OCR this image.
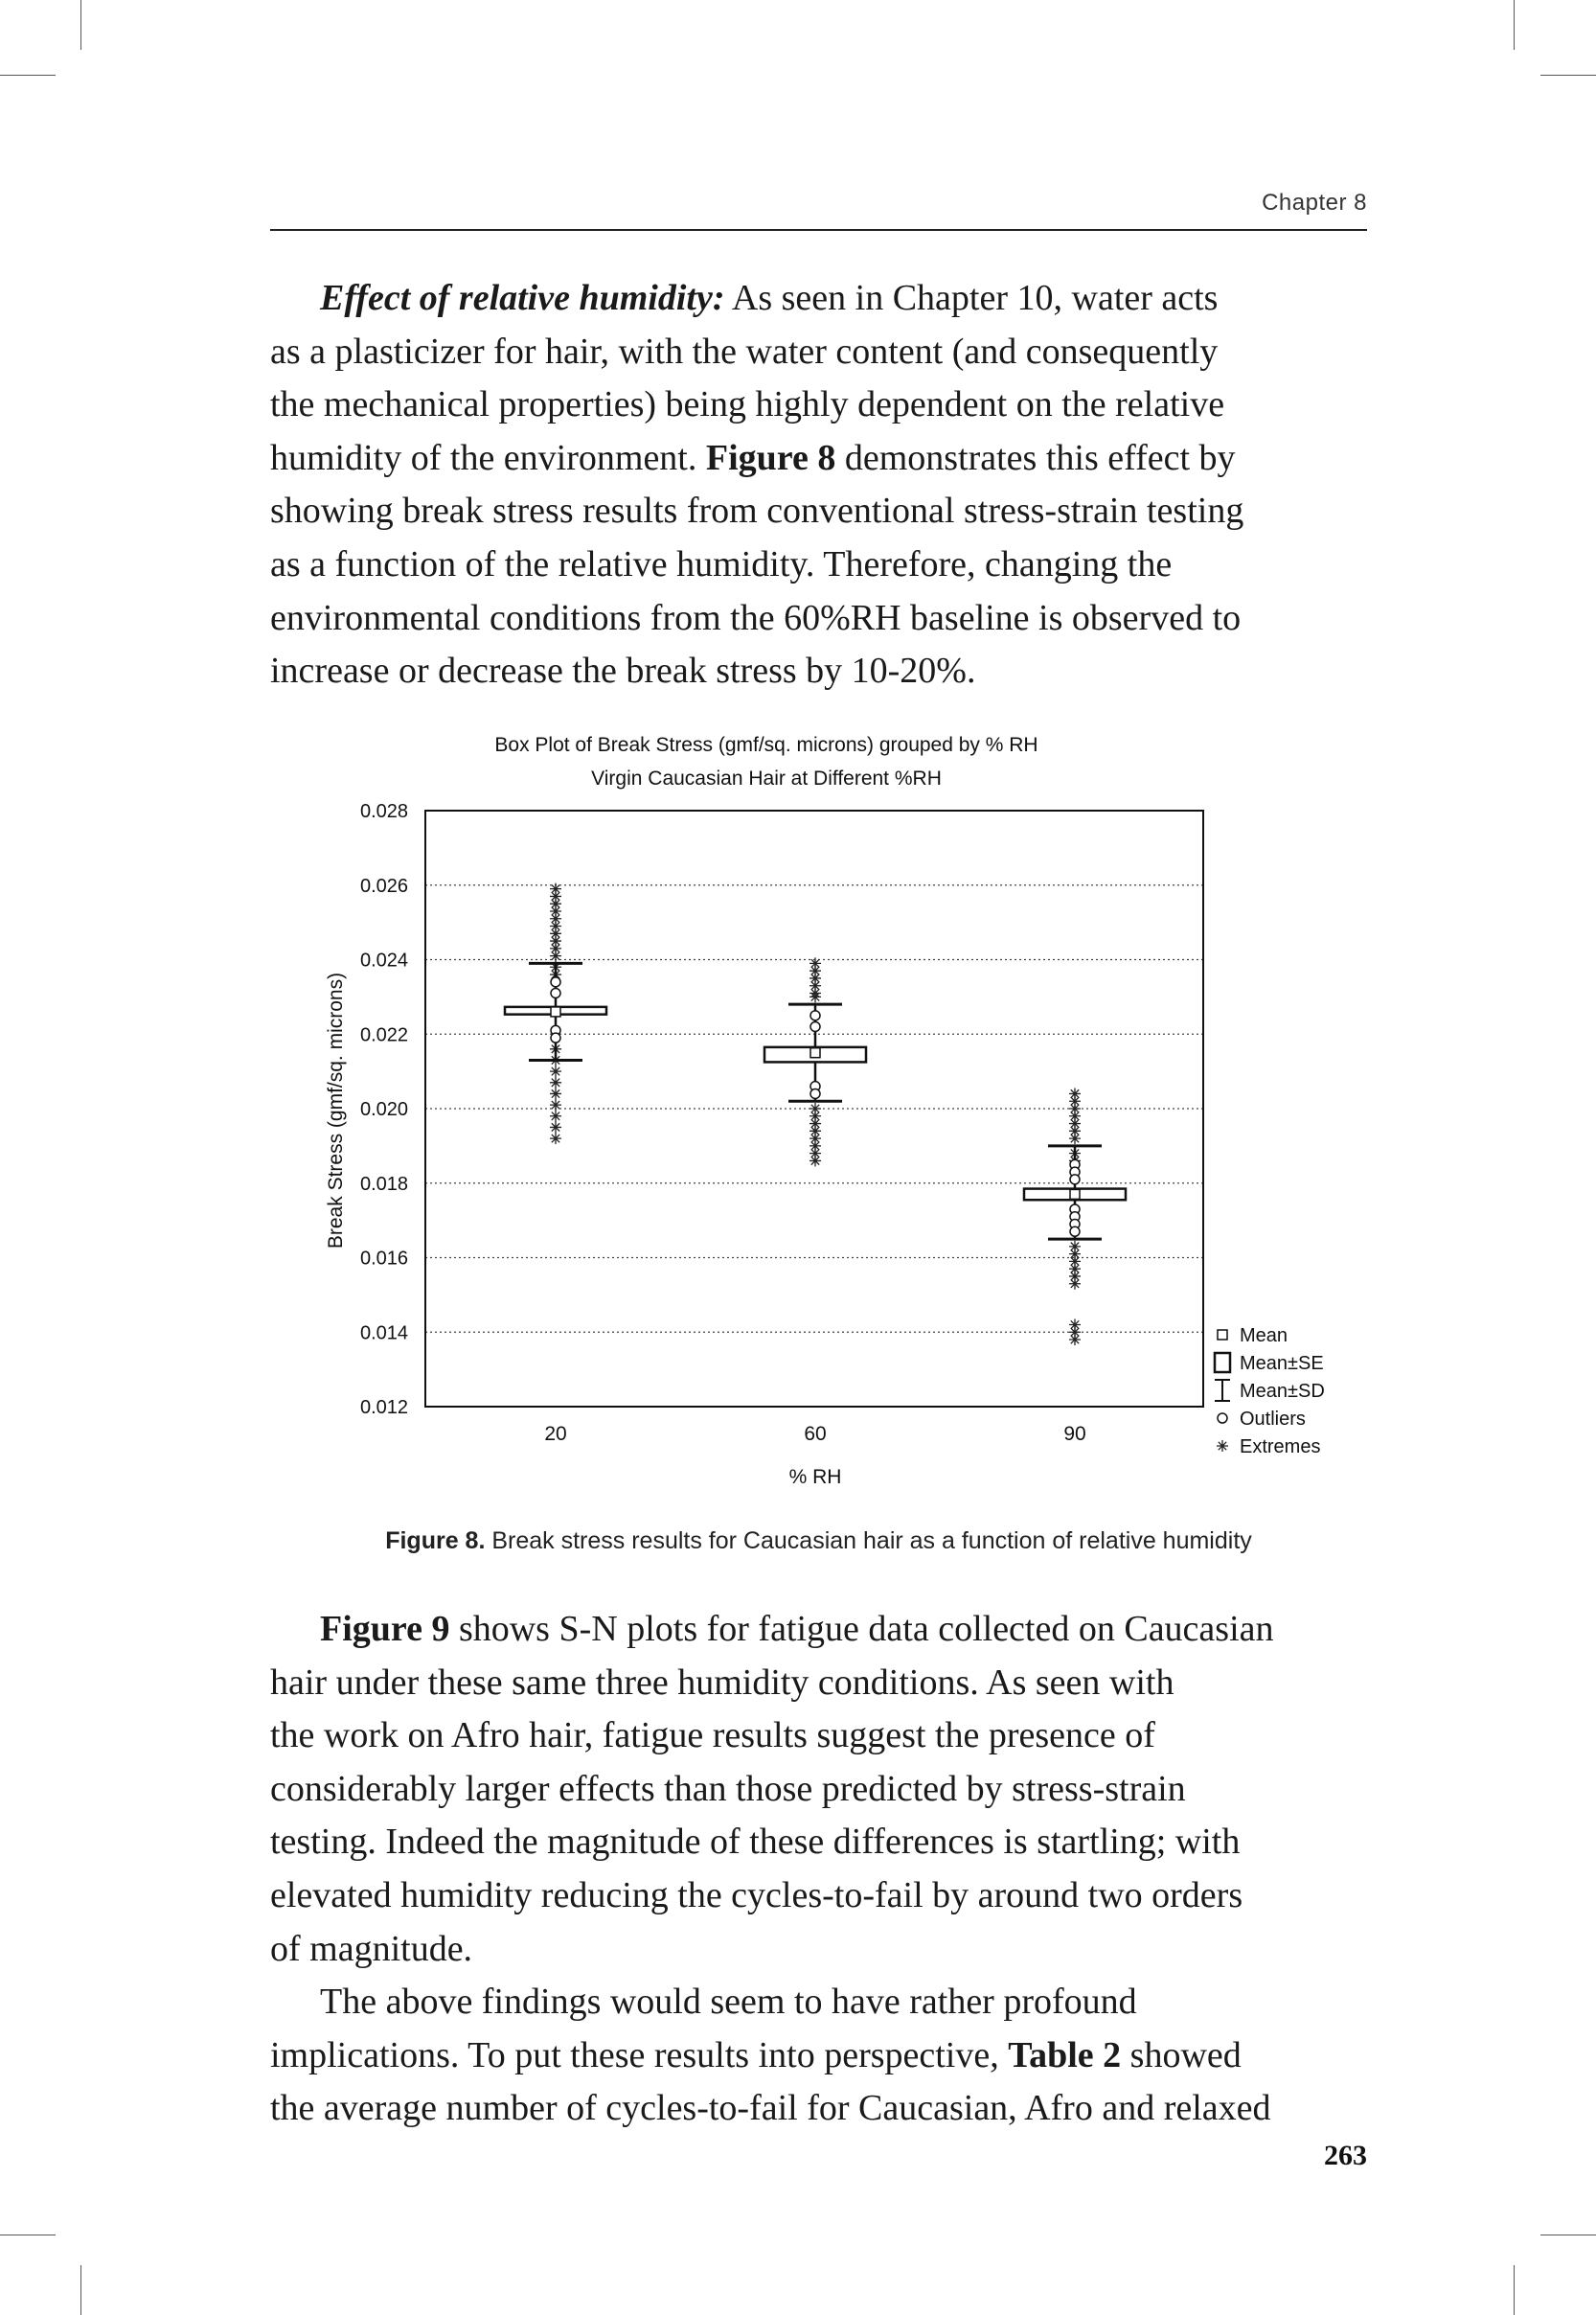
Chapter 8

Effect of relative humidity: As seen in Chapter 10, water acts

as a plasticizer for hair, with the water content (and consequently

the mechanical properties) being highly dependent on the relative

humidity of the environment. Figure 8 demonstrates this effect by

showing break stress results from conventional stress-strain testing

as a function of the relative humidity. Therefore, changing the

environmental conditions from the 60%RH baseline is observed to

increase or decrease the break stress by 10-20%.

Box Plot of Break Stress (gmf/sq. microns) grouped by % RH
Virgin Caucasian Hair at Different %RH
0.028
0.026
0.024
0.022
0.020
0.018
0.016
0.014
0.012
% RH
Break Stress (gmf/sq. microns)
20	60	90
Mean
Mean±SE
Mean±SD
Outliers
Extremes
Figure 8. Break stress results for Caucasian hair as a function of relative humidity

Figure 9 shows S-N plots for fatigue data collected on Caucasian

hair under these same three humidity conditions. As seen with

the work on Afro hair, fatigue results suggest the presence of

considerably larger effects than those predicted by stress-strain

testing. Indeed the magnitude of these differences is startling; with

elevated humidity reducing the cycles-to-fail by around two orders

of magnitude.

The above findings would seem to have rather profound

implications. To put these results into perspective, Table 2 showed

the average number of cycles-to-fail for Caucasian, Afro and relaxed

263
